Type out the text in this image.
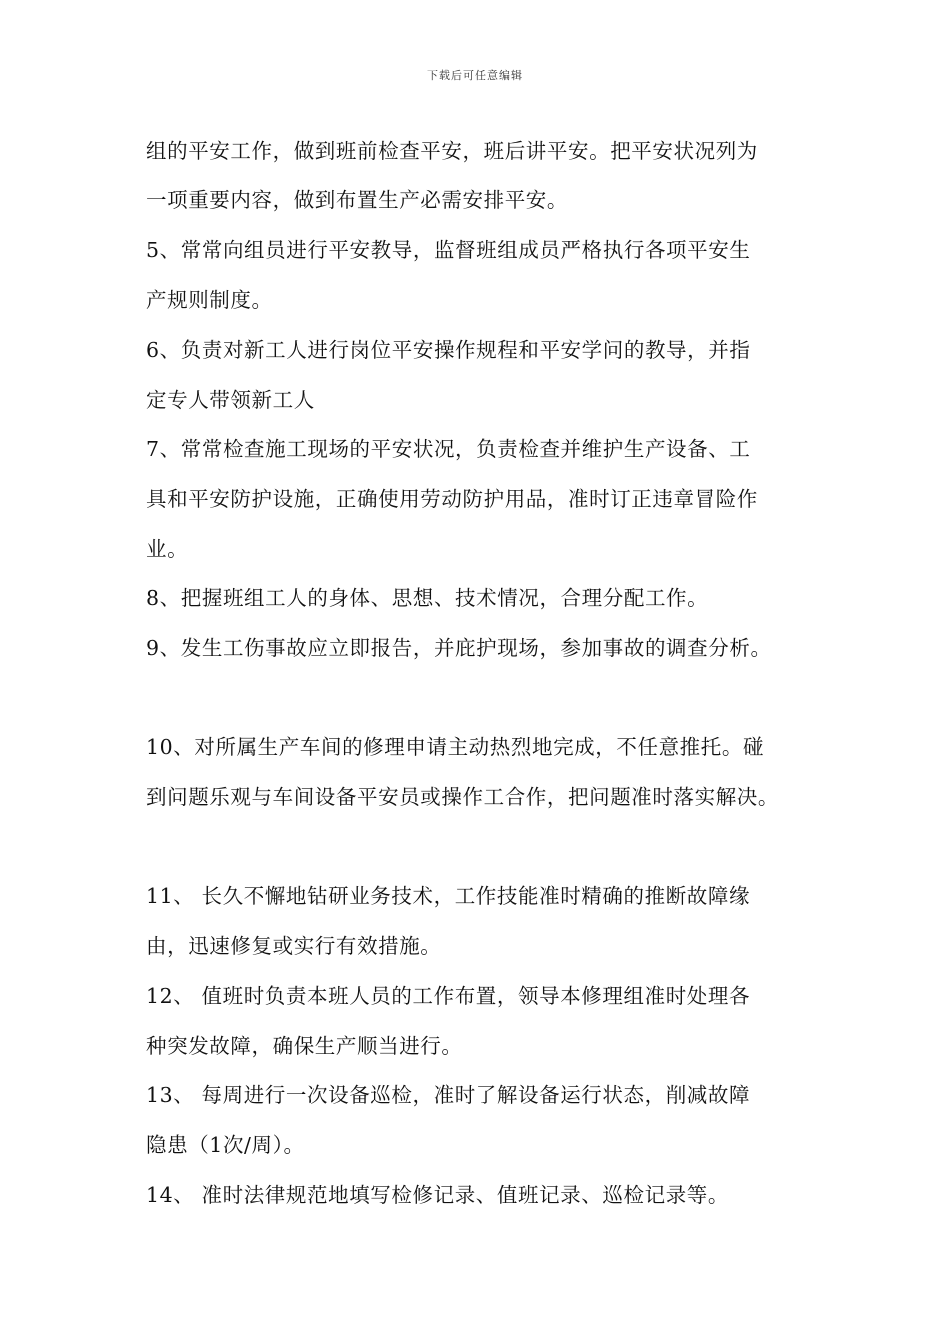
下载后可任意编辑
组的平安工作，做到班前检查平安，班后讲平安。把平安状况列为
一项重要内容，做到布置生产必需安排平安。
5、常常向组员进行平安教导，监督班组成员严格执行各项平安生
产规则制度。
6、负责对新工人进行岗位平安操作规程和平安学问的教导，并指
定专人带领新工人
7、常常检查施工现场的平安状况，负责检查并维护生产设备、工
具和平安防护设施，正确使用劳动防护用品，准时订正违章冒险作
业。
8、把握班组工人的身体、思想、技术情况，合理分配工作。
9、发生工伤事故应立即报告，并庇护现场，参加事故的调查分析。
10、对所属生产车间的修理申请主动热烈地完成，不任意推托。碰
到问题乐观与车间设备平安员或操作工合作，把问题准时落实解决。
11、 长久不懈地钻研业务技术，工作技能准时精确的推断故障缘
由，迅速修复或实行有效措施。
12、 值班时负责本班人员的工作布置，领导本修理组准时处理各
种突发故障，确保生产顺当进行。
13、 每周进行一次设备巡检，准时了解设备运行状态，削减故障
隐患（1次/周）。
14、 准时法律规范地填写检修记录、值班记录、巡检记录等。
